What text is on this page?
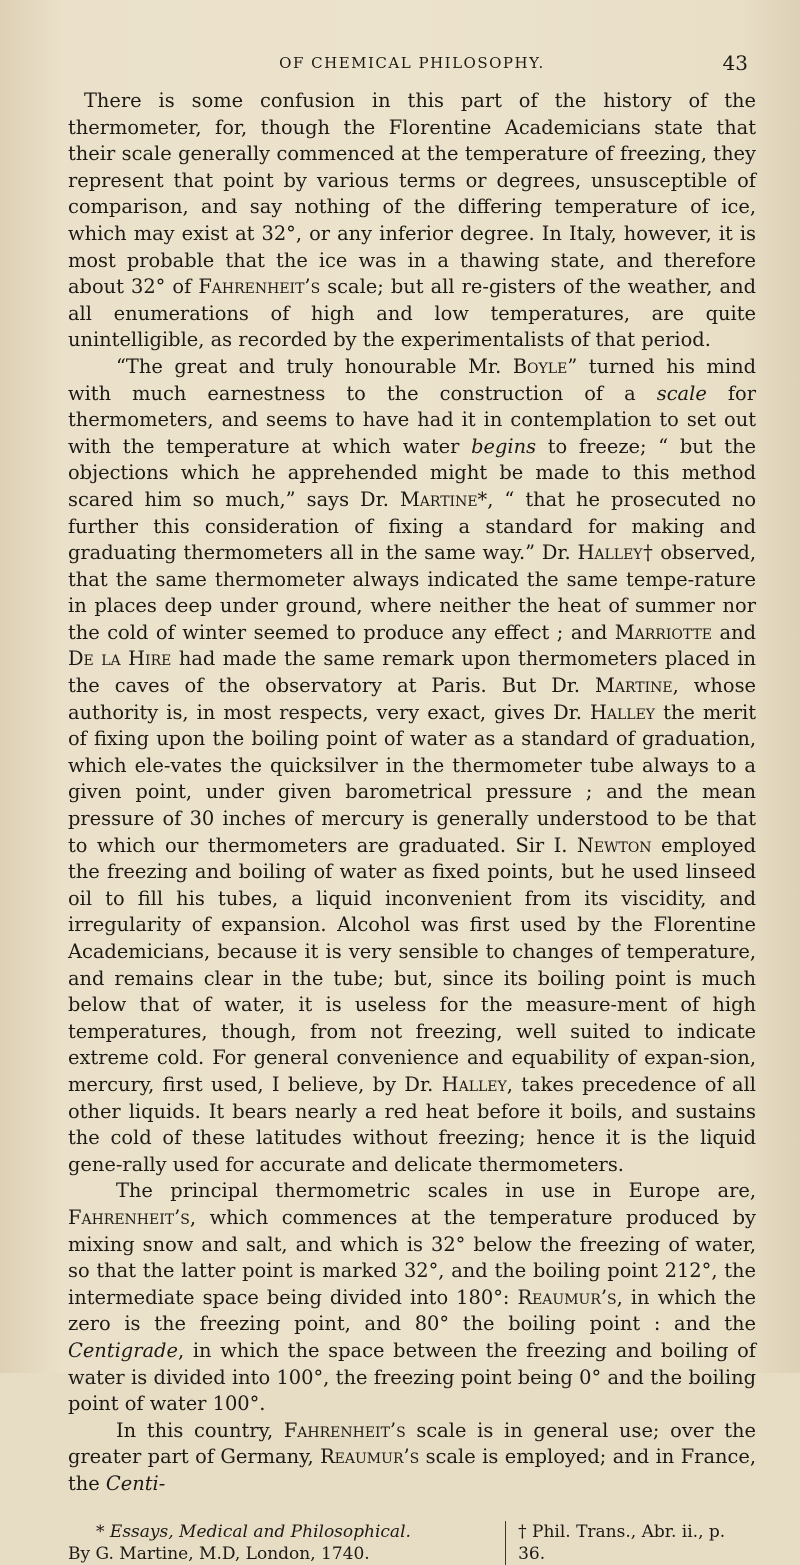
OF CHEMICAL PHILOSOPHY.	43

There is some confusion in this part of the history of the thermometer, for, though the Florentine Academicians state that their scale generally commenced at the temperature of freezing, they represent that point by various terms or degrees, unsusceptible of comparison, and say nothing of the differing temperature of ice, which may exist at 32°, or any inferior degree. In Italy, however, it is most probable that the ice was in a thawing state, and therefore about 32° of Fahrenheit’s scale; but all re-gisters of the weather, and all enumerations of high and low temperatures, are quite unintelligible, as recorded by the experimentalists of that period.

“The great and truly honourable Mr. Boyle” turned his mind with much earnestness to the construction of a scale for thermometers, and seems to have had it in contemplation to set out with the temperature at which water begins to freeze; “ but the objections which he apprehended might be made to this method scared him so much,” says Dr. Martine*, “ that he prosecuted no further this consideration of fixing a standard for making and graduating thermometers all in the same way.” Dr. Halley† observed, that the same thermometer always indicated the same tempe-rature in places deep under ground, where neither the heat of summer nor the cold of winter seemed to produce any effect ; and Marriotte and De la Hire had made the same remark upon thermometers placed in the caves of the observatory at Paris. But Dr. Martine, whose authority is, in most respects, very exact, gives Dr. Halley the merit of fixing upon the boiling point of water as a standard of graduation, which ele-vates the quicksilver in the thermometer tube always to a given point, under given barometrical pressure ; and the mean pressure of 30 inches of mercury is generally understood to be that to which our thermometers are graduated. Sir I. Newton employed the freezing and boiling of water as fixed points, but he used linseed oil to fill his tubes, a liquid inconvenient from its viscidity, and irregularity of expansion. Alcohol was first used by the Florentine Academicians, because it is very sensible to changes of temperature, and remains clear in the tube; but, since its boiling point is much below that of water, it is useless for the measure-ment of high temperatures, though, from not freezing, well suited to indicate extreme cold. For general convenience and equability of expan-sion, mercury, first used, I believe, by Dr. Halley, takes precedence of all other liquids. It bears nearly a red heat before it boils, and sustains the cold of these latitudes without freezing; hence it is the liquid gene-rally used for accurate and delicate thermometers.

The principal thermometric scales in use in Europe are, Fahrenheit’s, which commences at the temperature produced by mixing snow and salt, and which is 32° below the freezing of water, so that the latter point is marked 32°, and the boiling point 212°, the intermediate space being divided into 180°: Reaumur’s, in which the zero is the freezing point, and 80° the boiling point : and the Centigrade, in which the space between the freezing and boiling of water is divided into 100°, the freezing point being 0° and the boiling point of water 100°.

In this country, Fahrenheit’s scale is in general use; over the greater part of Germany, Reaumur’s scale is employed; and in France, the Centi-

* Essays, Medical and Philosophical.
By G. Martine, M.D, London, 1740.
† Phil. Trans., Abr. ii., p. 36.
